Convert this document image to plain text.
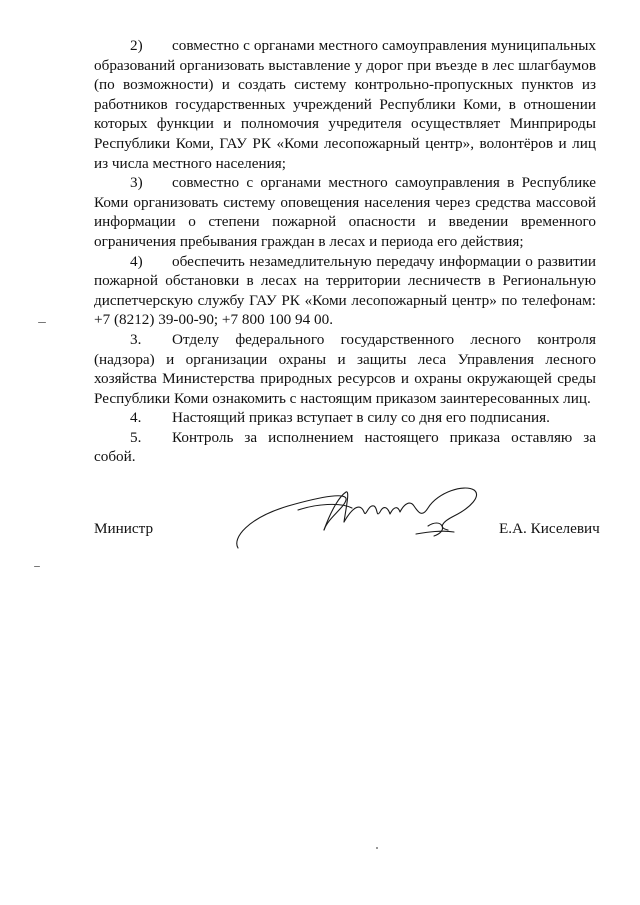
2) совместно с органами местного самоуправления муниципальных образований организовать выставление у дорог при въезде в лес шлагбаумов (по возможности) и создать систему контрольно-пропускных пунктов из работников государственных учреждений Республики Коми, в отношении которых функции и полномочия учредителя осуществляет Минприроды Республики Коми, ГАУ РК «Коми лесопожарный центр», волонтёров и лиц из числа местного населения;

3) совместно с органами местного самоуправления в Республике Коми организовать систему оповещения населения через средства массовой информации о степени пожарной опасности и введении временного ограничения пребывания граждан в лесах и периода его действия;

4) обеспечить незамедлительную передачу информации о развитии пожарной обстановки в лесах на территории лесничеств в Региональную диспетчерскую службу ГАУ РК «Коми лесопожарный центр» по телефонам: +7 (8212) 39-00-90; +7 800 100 94 00.

3. Отделу федерального государственного лесного контроля (надзора) и организации охраны и защиты леса Управления лесного хозяйства Министерства природных ресурсов и охраны окружающей среды Республики Коми ознакомить с настоящим приказом заинтересованных лиц.

4. Настоящий приказ вступает в силу со дня его подписания.

5. Контроль за исполнением настоящего приказа оставляю за собой.

Министр	Е.А. Киселевич
